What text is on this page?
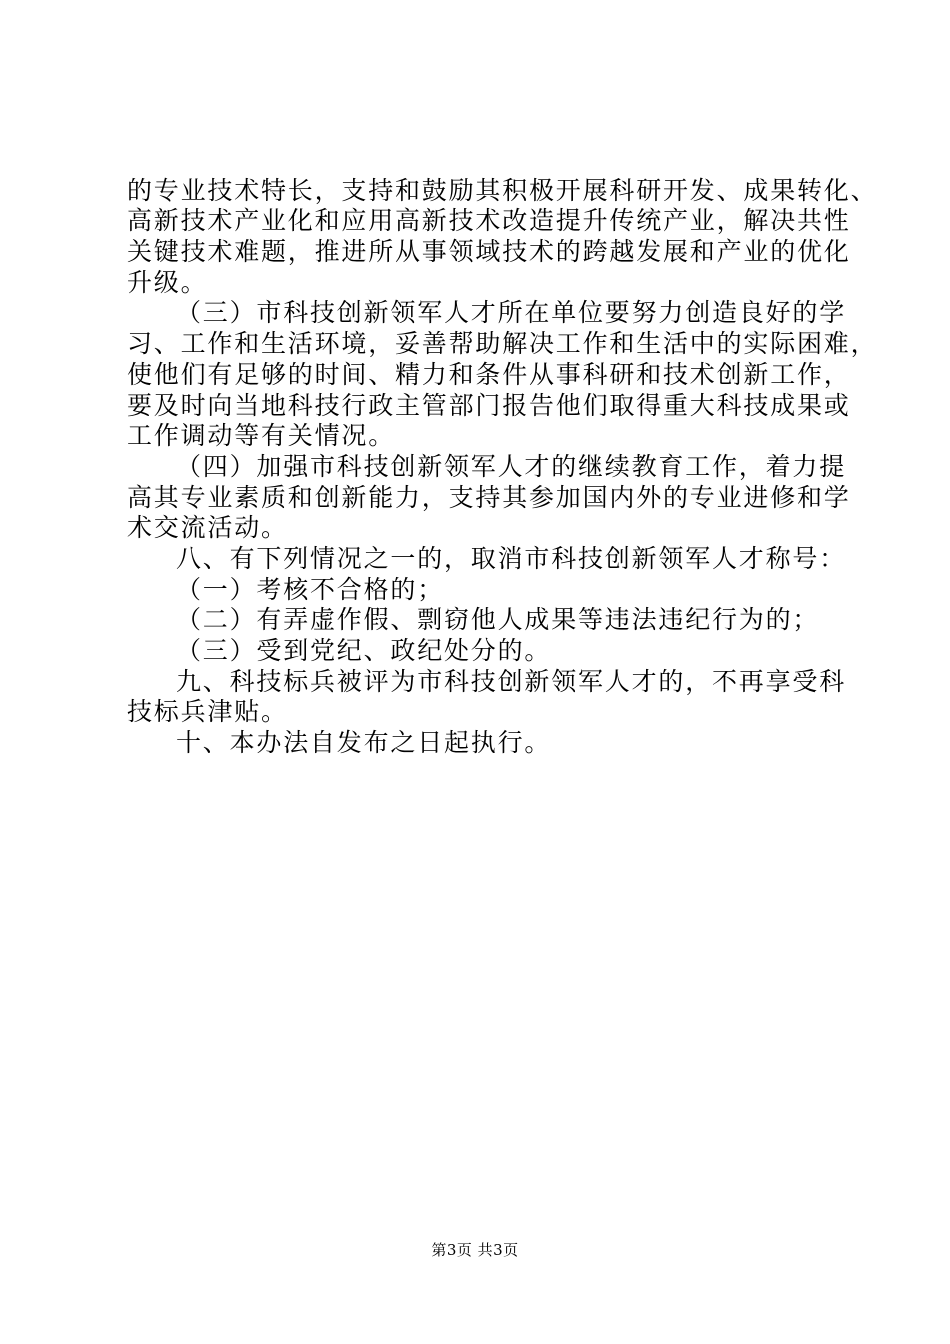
的专业技术特长，支持和鼓励其积极开展科研开发、成果转化、
高新技术产业化和应用高新技术改造提升传统产业，解决共性
关键技术难题，推进所从事领域技术的跨越发展和产业的优化
升级。
（三）市科技创新领军人才所在单位要努力创造良好的学
习、工作和生活环境，妥善帮助解决工作和生活中的实际困难，
使他们有足够的时间、精力和条件从事科研和技术创新工作，
要及时向当地科技行政主管部门报告他们取得重大科技成果或
工作调动等有关情况。
（四）加强市科技创新领军人才的继续教育工作，着力提
高其专业素质和创新能力，支持其参加国内外的专业进修和学
术交流活动。
八、有下列情况之一的，取消市科技创新领军人才称号：
（一）考核不合格的；
（二）有弄虚作假、剽窃他人成果等违法违纪行为的；
（三）受到党纪、政纪处分的。
九、科技标兵被评为市科技创新领军人才的，不再享受科
技标兵津贴。
十、本办法自发布之日起执行。
第3页 共3页
